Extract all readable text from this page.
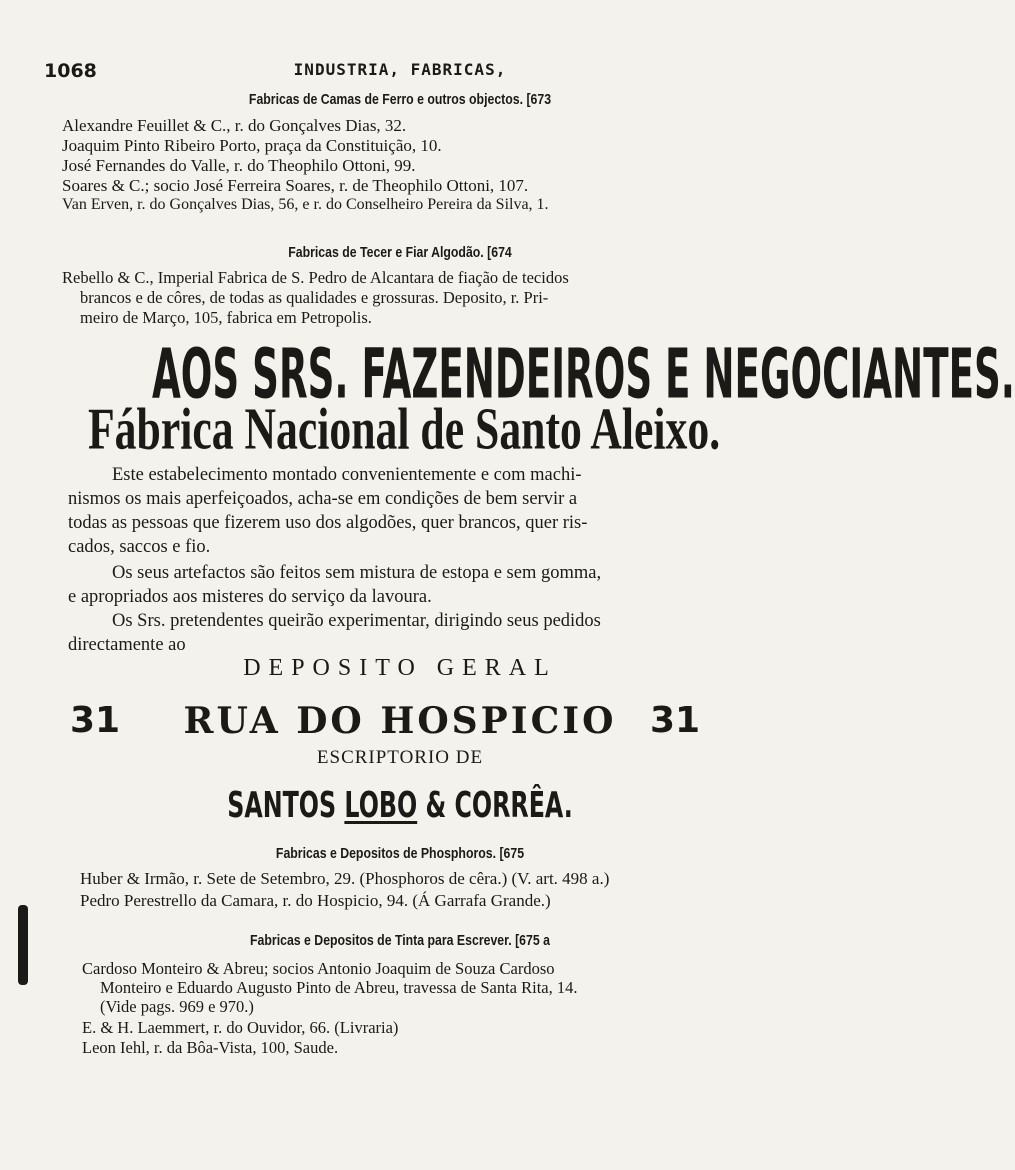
1068	INDUSTRIA, FABRICAS,
Fabricas de Camas de Ferro e outros objectos. [673
Alexandre Feuillet & C., r. do Gonçalves Dias, 32.
Joaquim Pinto Ribeiro Porto, praça da Constituição, 10.
José Fernandes do Valle, r. do Theophilo Ottoni, 99.
Soares & C.; socio José Ferreira Soares, r. de Theophilo Ottoni, 107.
Van Erven, r. do Gonçalves Dias, 56, e r. do Conselheiro Pereira da Silva, 1.
Fabricas de Tecer e Fiar Algodão. [674
Rebello & C., Imperial Fabrica de S. Pedro de Alcantara de fiação de tecidos
brancos e de côres, de todas as qualidades e grossuras. Deposito, r. Pri-
meiro de Março, 105, fabrica em Petropolis.
AOS SRS. FAZENDEIROS E NEGOCIANTES.
Fábrica Nacional de Santo Aleixo.
Este estabelecimento montado convenientemente e com machi-
nismos os mais aperfeiçoados, acha-se em condições de bem servir a
todas as pessoas que fizerem uso dos algodões, quer brancos, quer ris-
cados, saccos e fio.
Os seus artefactos são feitos sem mistura de estopa e sem gomma,
e apropriados aos misteres do serviço da lavoura.
Os Srs. pretendentes queirão experimentar, dirigindo seus pedidos
directamente ao
DEPOSITO GERAL
31	RUA DO HOSPICIO 31
ESCRIPTORIO DE
SANTOS LOBO & CORRÊA.
Fabricas e Depositos de Phosphoros. [675
Huber & Irmão, r. Sete de Setembro, 29. (Phosphoros de cêra.) (V. art. 498 a.)
Pedro Perestrello da Camara, r. do Hospicio, 94. (Á Garrafa Grande.)
Fabricas e Depositos de Tinta para Escrever. [675 a
Cardoso Monteiro & Abreu; socios Antonio Joaquim de Souza Cardoso
Monteiro e Eduardo Augusto Pinto de Abreu, travessa de Santa Rita, 14.
(Vide pags. 969 e 970.)
E. & H. Laemmert, r. do Ouvidor, 66. (Livraria)
Leon Iehl, r. da Bôa-Vista, 100, Saude.
